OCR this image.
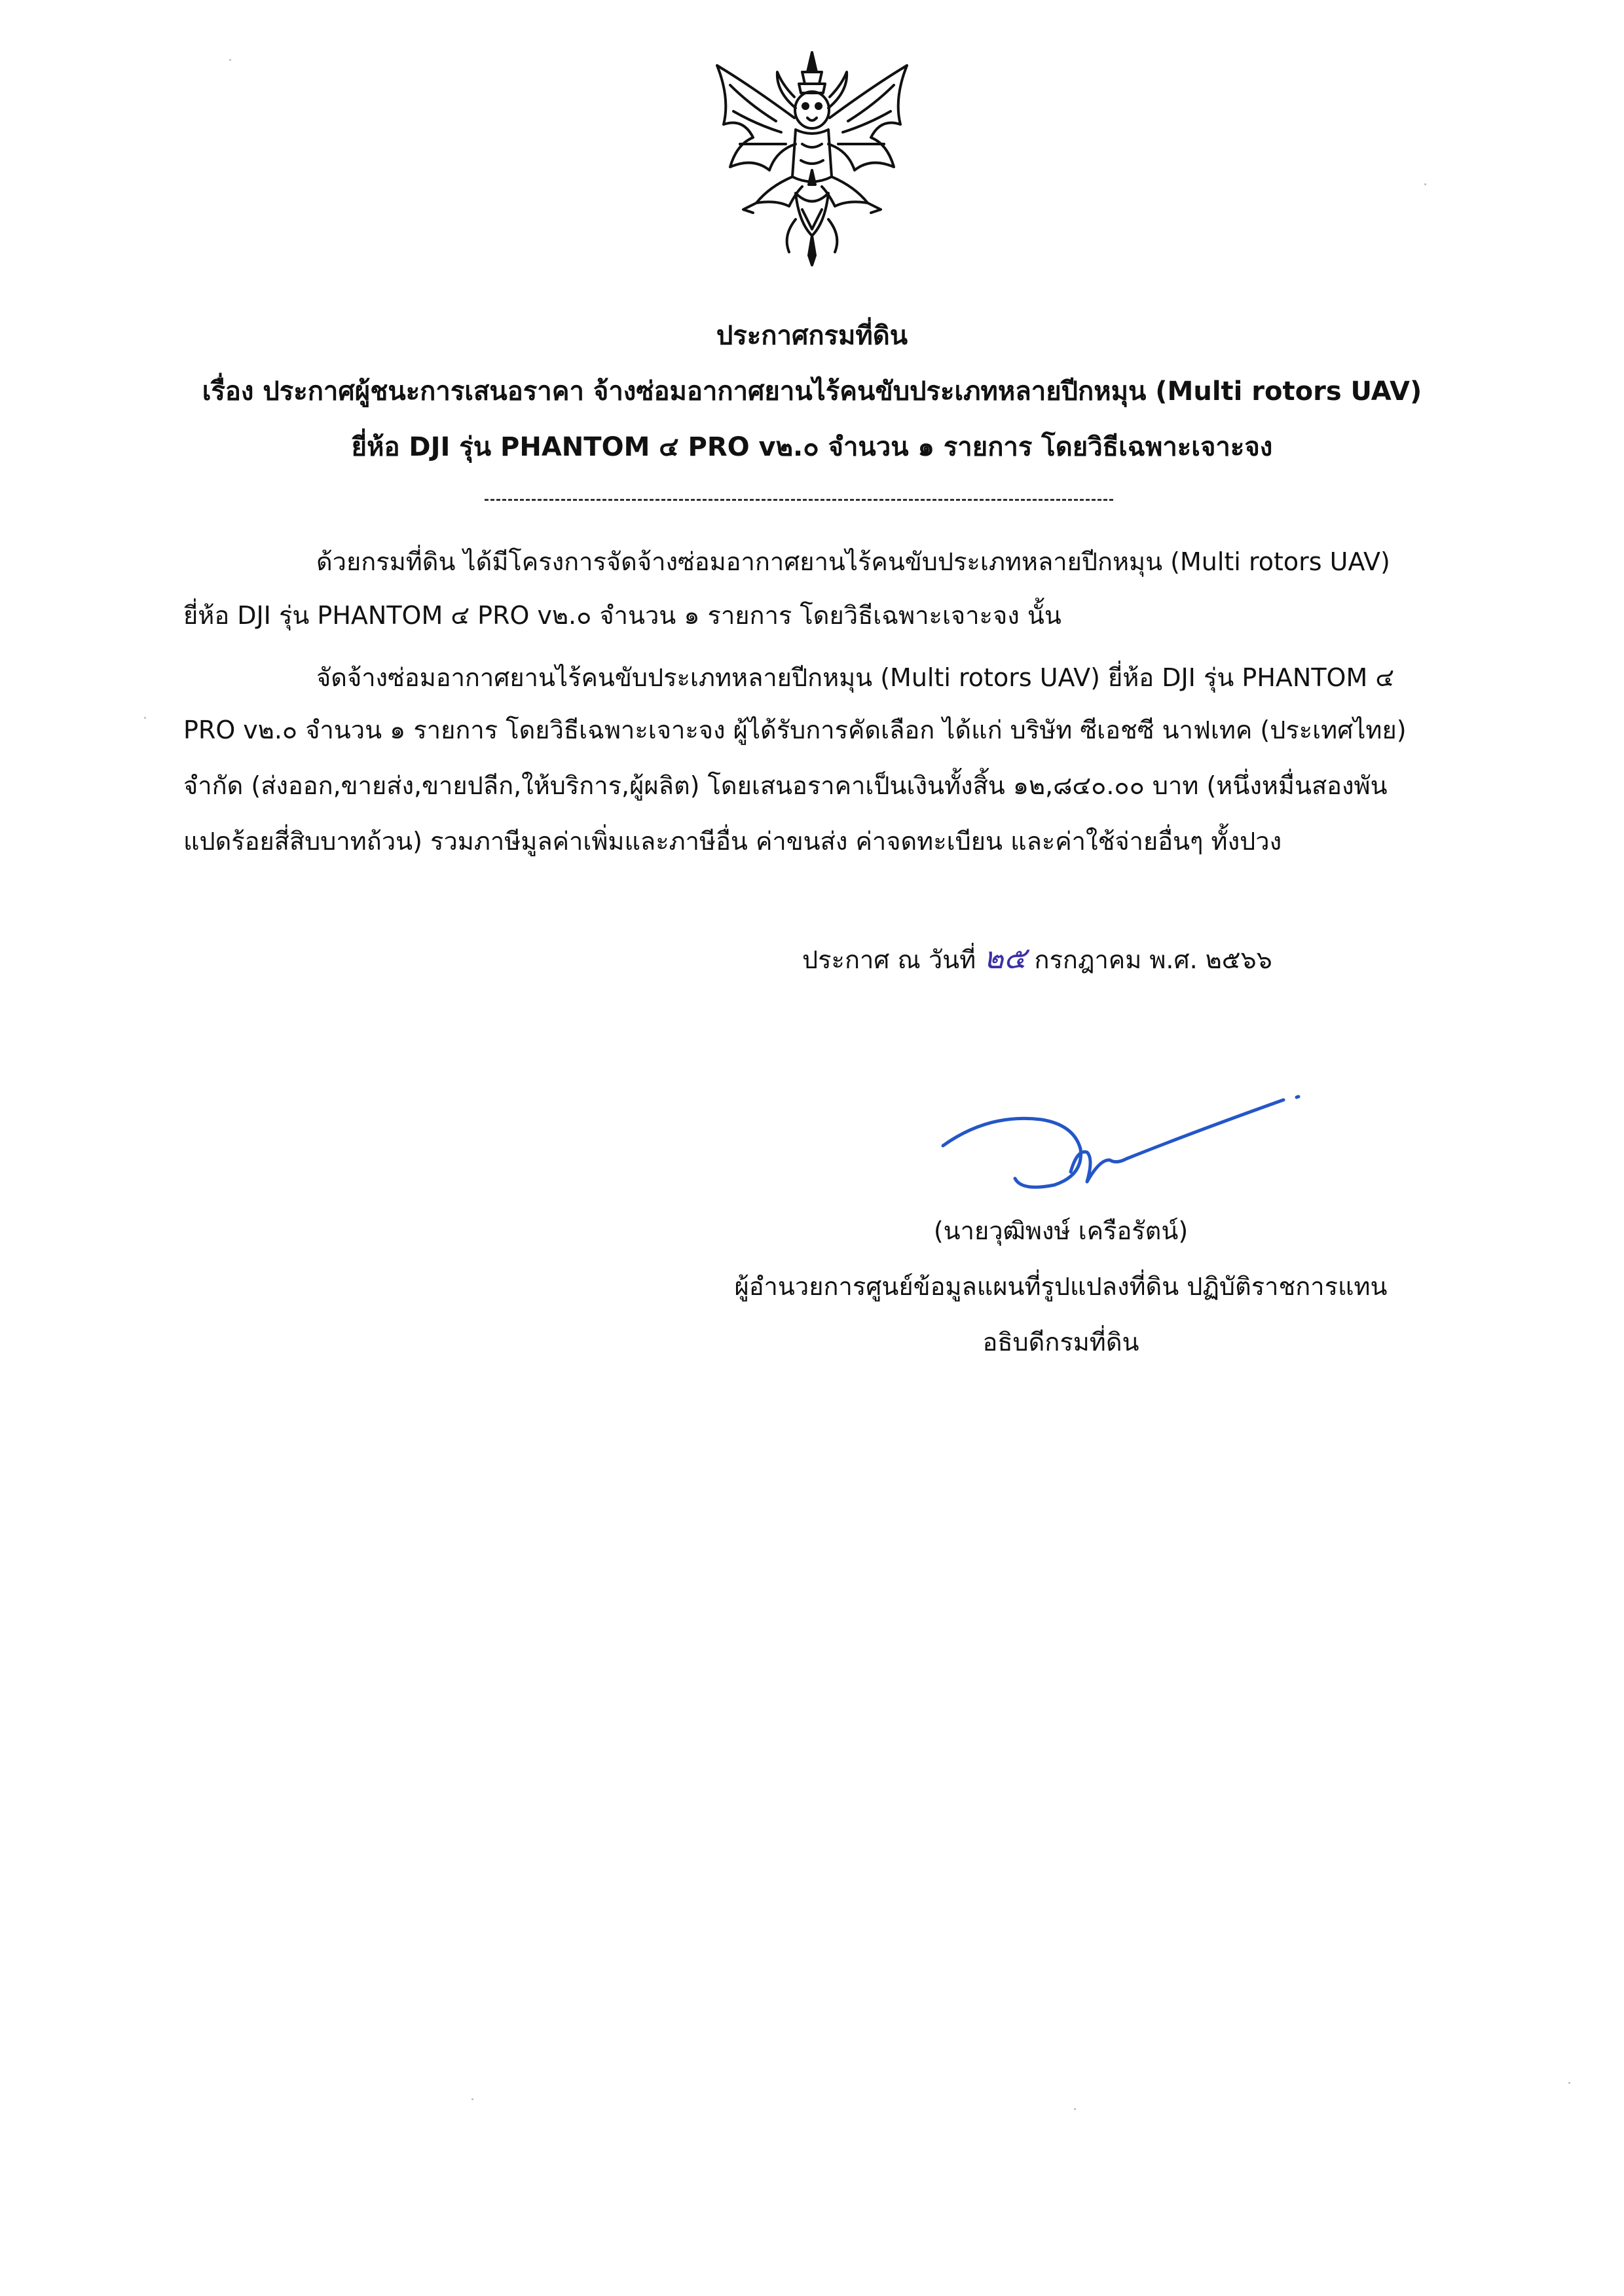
ประกาศกรมที่ดิน
เรื่อง ประกาศผู้ชนะการเสนอราคา จ้างซ่อมอากาศยานไร้คนขับประเภทหลายปีกหมุน (Multi rotors UAV)
ยี่ห้อ DJI รุ่น PHANTOM ๔ PRO v๒.๐ จำนวน ๑ รายการ โดยวิธีเฉพาะเจาะจง
ด้วยกรมที่ดิน ได้มีโครงการจัดจ้างซ่อมอากาศยานไร้คนขับประเภทหลายปีกหมุน (Multi rotors UAV)
ยี่ห้อ DJI รุ่น PHANTOM ๔ PRO v๒.๐ จำนวน ๑ รายการ โดยวิธีเฉพาะเจาะจง นั้น
จัดจ้างซ่อมอากาศยานไร้คนขับประเภทหลายปีกหมุน (Multi rotors UAV) ยี่ห้อ DJI รุ่น PHANTOM ๔
PRO v๒.๐ จำนวน ๑ รายการ โดยวิธีเฉพาะเจาะจง ผู้ได้รับการคัดเลือก ได้แก่ บริษัท ซีเอชซี นาฟเทค (ประเทศไทย)
จำกัด (ส่งออก,ขายส่ง,ขายปลีก,ให้บริการ,ผู้ผลิต) โดยเสนอราคาเป็นเงินทั้งสิ้น ๑๒,๘๔๐.๐๐ บาท (หนึ่งหมื่นสองพัน
แปดร้อยสี่สิบบาทถ้วน) รวมภาษีมูลค่าเพิ่มและภาษีอื่น ค่าขนส่ง ค่าจดทะเบียน และค่าใช้จ่ายอื่นๆ ทั้งปวง
ประกาศ ณ วันที่ ๒๕ กรกฎาคม พ.ศ. ๒๕๖๖
(นายวุฒิพงษ์ เครือรัตน์)
ผู้อำนวยการศูนย์ข้อมูลแผนที่รูปแปลงที่ดิน ปฏิบัติราชการแทน
อธิบดีกรมที่ดิน
